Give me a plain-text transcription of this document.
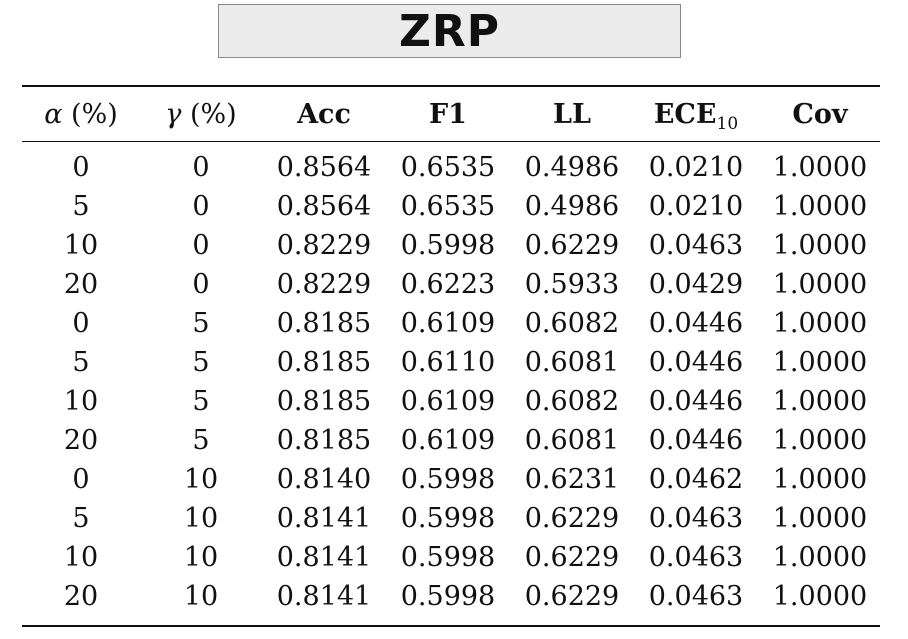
ZRP
α (%)	γ (%)	Acc	F1	LL	$ECE_{10}$	Cov
0	0	0.8564	0.6535	0.4986	0.0210	1.0000
5	0	0.8564	0.6535	0.4986	0.0210	1.0000
10	0	0.8229	0.5998	0.6229	0.0463	1.0000
20	0	0.8229	0.6223	0.5933	0.0429	1.0000
0	5	0.8185	0.6109	0.6082	0.0446	1.0000
5	5	0.8185	0.6110	0.6081	0.0446	1.0000
10	5	0.8185	0.6109	0.6082	0.0446	1.0000
20	5	0.8185	0.6109	0.6081	0.0446	1.0000
0	10	0.8140	0.5998	0.6231	0.0462	1.0000
5	10	0.8141	0.5998	0.6229	0.0463	1.0000
10	10	0.8141	0.5998	0.6229	0.0463	1.0000
20	10	0.8141	0.5998	0.6229	0.0463	1.0000
